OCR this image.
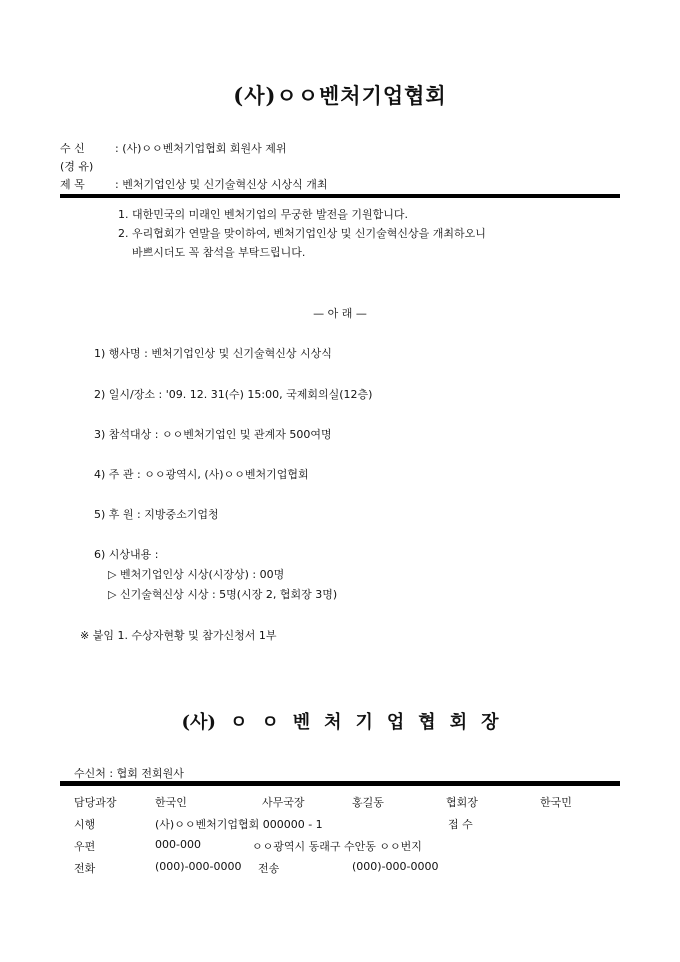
(사)ㅇㅇ벤처기업협회
수 신	: (사)ㅇㅇ벤처기업협회 회원사 제위
(경 유)
제 목	: 벤처기업인상 및 신기술혁신상 시상식 개최
1. 대한민국의 미래인 벤처기업의 무궁한 발전을 기원합니다.
2. 우리협회가 연말을 맞이하여, 벤처기업인상 및 신기술혁신상을 개최하오니
바쁘시더도 꼭 참석을 부탁드립니다.
— 아 래 —
1) 행사명 : 벤처기업인상 및 신기술혁신상 시상식
2) 일시/장소 : '09. 12. 31(수) 15:00, 국제회의실(12층)
3) 참석대상 : ㅇㅇ벤처기업인 및 관계자 500여명
4) 주 관 : ㅇㅇ광역시, (사)ㅇㅇ벤처기업협회
5) 후 원 : 지방중소기업청
6) 시상내용 :
▷ 벤처기업인상 시상(시장상) : 00명
▷ 신기술혁신상 시상 : 5명(시장 2, 협회장 3명)
※ 붙임 1. 수상자현황 및 참가신청서 1부
(사) ㅇ ㅇ 벤 처 기 업 협 회 장
수신처 : 협회 전회원사
담당과장	한국인	사무국장	홍길동	협회장	한국민
시행	(사)ㅇㅇ벤처기업협회 000000 - 1	접 수
우편	000-000	ㅇㅇ광역시 동래구 수안동 ㅇㅇ번지
전화	(000)-000-0000 전송	(000)-000-0000
